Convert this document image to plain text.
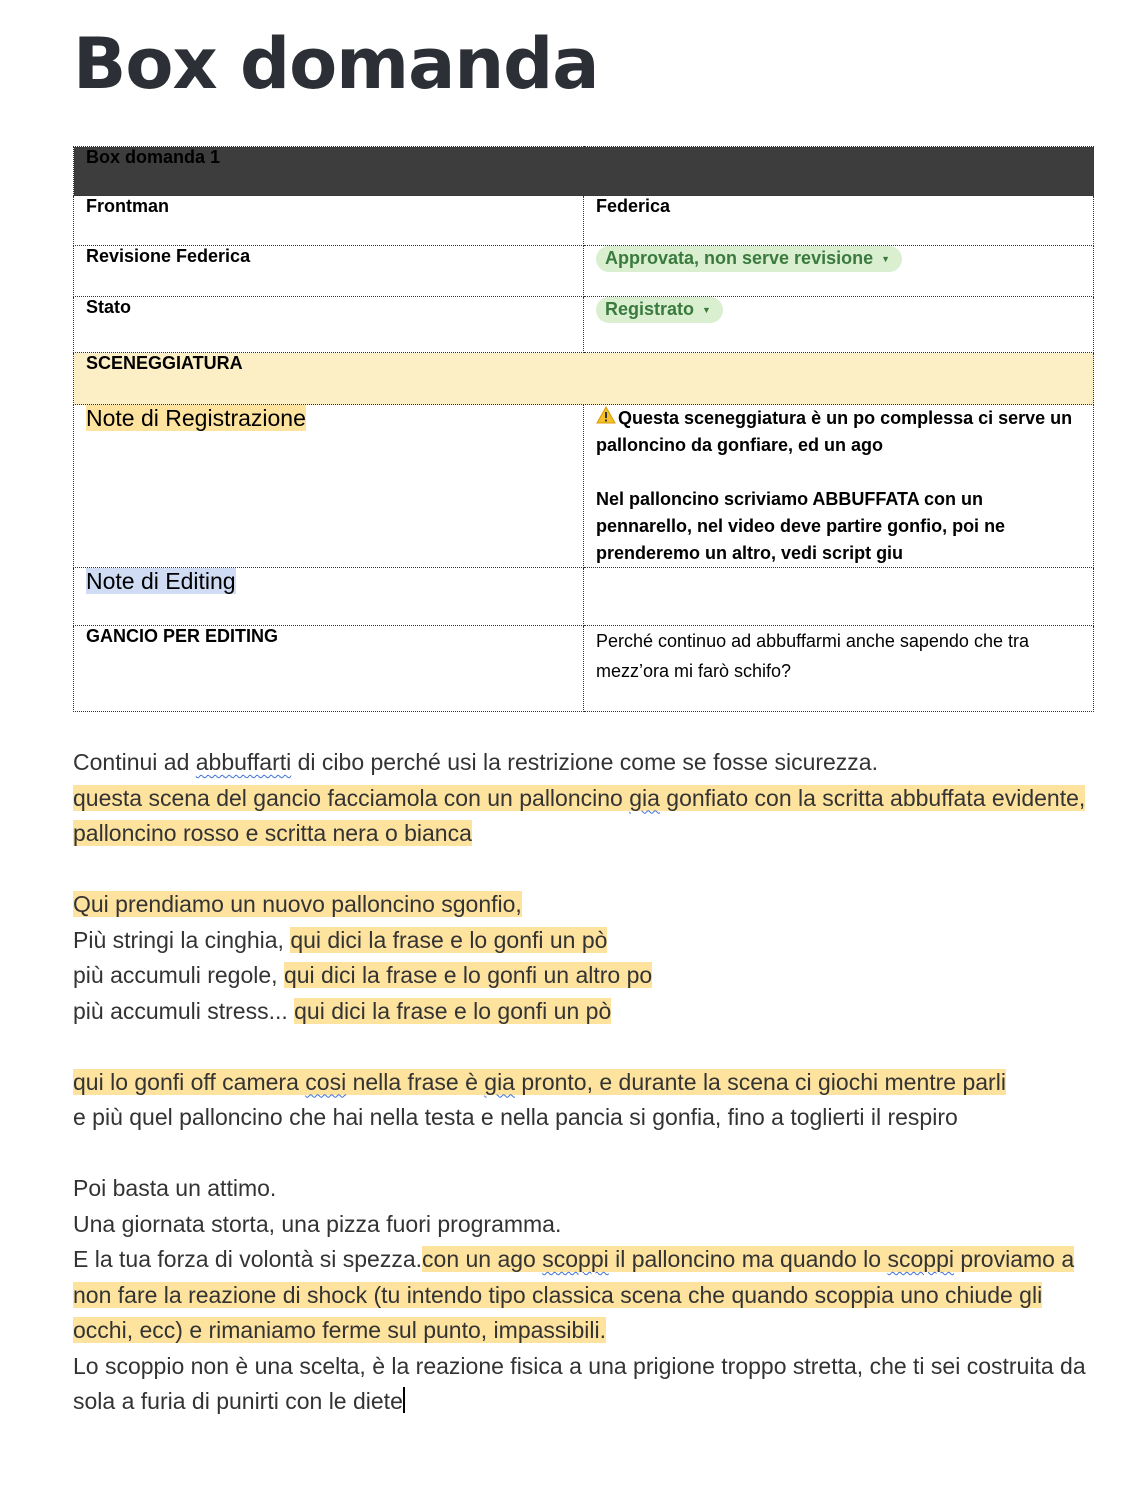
Box domanda
Box domanda 1	
Frontman	Federica
Revisione Federica	Approvata, non serve revisione ▼

Stato	Registrato ▼

SCENEGGIATURA	
Note di Registrazione	Questa sceneggiatura è un po complessa ci serve un palloncino da gonfiare, ed un ago

Nel palloncino scriviamo ABBUFFATA con un pennarello, nel video deve partire gonfio, poi ne prenderemo un altro, vedi script giu

Note di Editing	
GANCIO PER EDITING	Perché continuo ad abbuffarmi anche sapendo che tra mezz’ora mi farò schifo?

Continui ad abbuffarti di cibo perché usi la restrizione come se fosse sicurezza.

questa scena del gancio facciamola con un palloncino gia gonfiato con la scritta abbuffata evidente, palloncino rosso e scritta nera o bianca

Qui prendiamo un nuovo palloncino sgonfio,

Più stringi la cinghia, qui dici la frase e lo gonfi un pò

più accumuli regole, qui dici la frase e lo gonfi un altro po

più accumuli stress... qui dici la frase e lo gonfi un pò

qui lo gonfi off camera cosi nella frase è gia pronto, e durante la scena ci giochi mentre parli

e più quel palloncino che hai nella testa e nella pancia si gonfia, fino a toglierti il respiro

Poi basta un attimo.

Una giornata storta, una pizza fuori programma.

E la tua forza di volontà si spezza.con un ago scoppi il palloncino ma quando lo scoppi proviamo a non fare la reazione di shock (tu intendo tipo classica scena che quando scoppia uno chiude gli occhi, ecc) e rimaniamo ferme sul punto, impassibili.

Lo scoppio non è una scelta, è la reazione fisica a una prigione troppo stretta, che ti sei costruita da sola a furia di punirti con le diete
